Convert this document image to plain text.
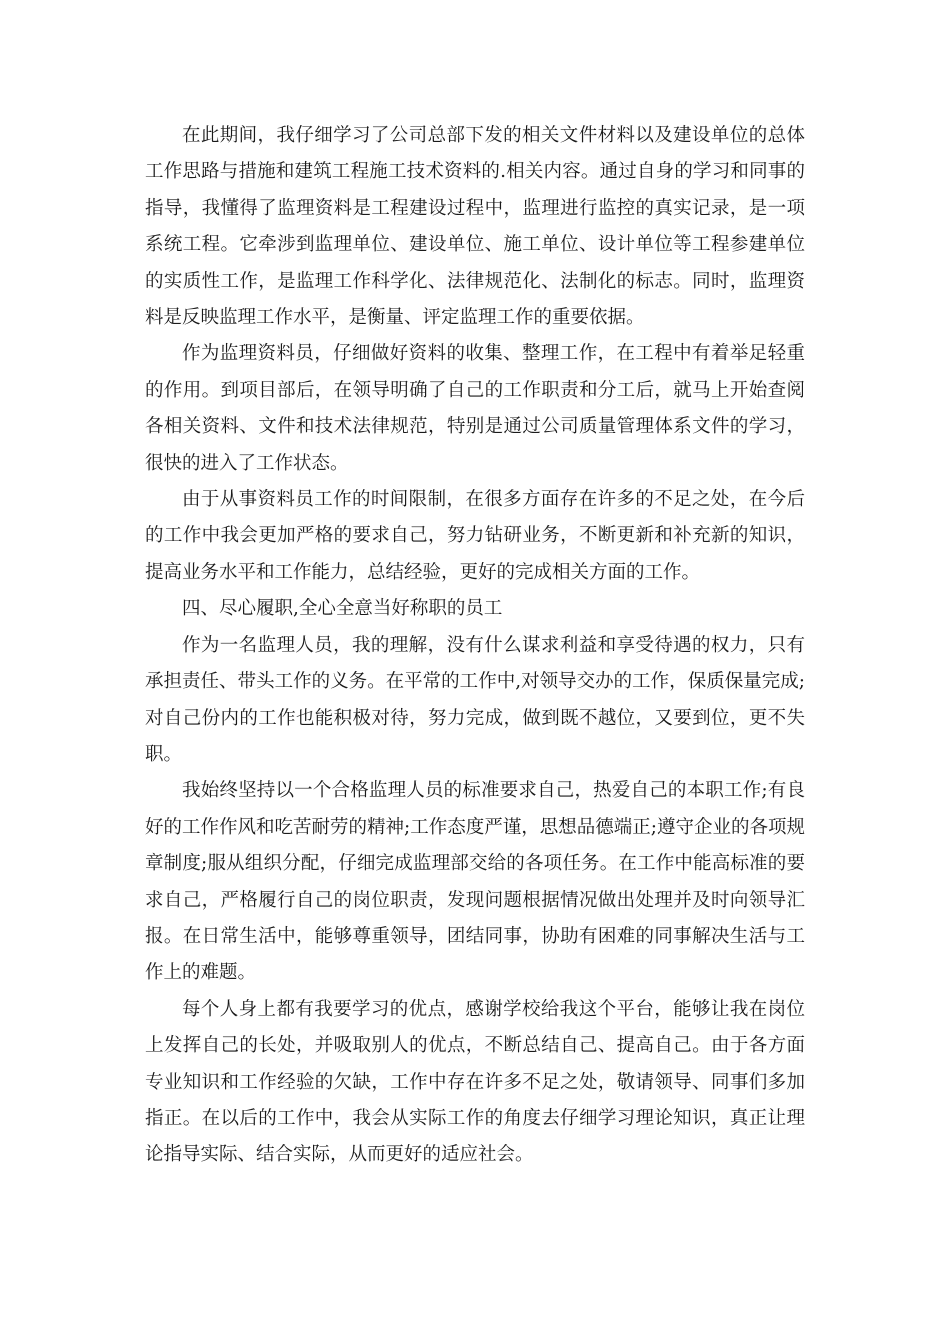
在此期间，我仔细学习了公司总部下发的相关文件材料以及建设单位的总体工作思路与措施和建筑工程施工技术资料的.相关内容。通过自身的学习和同事的指导，我懂得了监理资料是工程建设过程中，监理进行监控的真实记录，是一项系统工程。它牵涉到监理单位、建设单位、施工单位、设计单位等工程参建单位的实质性工作，是监理工作科学化、法律规范化、法制化的标志。同时，监理资料是反映监理工作水平，是衡量、评定监理工作的重要依据。

作为监理资料员，仔细做好资料的收集、整理工作，在工程中有着举足轻重的作用。到项目部后，在领导明确了自己的工作职责和分工后，就马上开始查阅各相关资料、文件和技术法律规范，特别是通过公司质量管理体系文件的学习，很快的进入了工作状态。

由于从事资料员工作的时间限制，在很多方面存在许多的不足之处，在今后的工作中我会更加严格的要求自己，努力钻研业务，不断更新和补充新的知识，提高业务水平和工作能力，总结经验，更好的完成相关方面的工作。

四、尽心履职,全心全意当好称职的员工

作为一名监理人员，我的理解，没有什么谋求利益和享受待遇的权力，只有承担责任、带头工作的义务。在平常的工作中,对领导交办的工作，保质保量完成;对自己份内的工作也能积极对待，努力完成，做到既不越位，又要到位，更不失职。

我始终坚持以一个合格监理人员的标准要求自己，热爱自己的本职工作;有良好的工作作风和吃苦耐劳的精神;工作态度严谨，思想品德端正;遵守企业的各项规章制度;服从组织分配，仔细完成监理部交给的各项任务。在工作中能高标准的要求自己，严格履行自己的岗位职责，发现问题根据情况做出处理并及时向领导汇报。在日常生活中，能够尊重领导，团结同事，协助有困难的同事解决生活与工作上的难题。

每个人身上都有我要学习的优点，感谢学校给我这个平台，能够让我在岗位上发挥自己的长处，并吸取别人的优点，不断总结自己、提高自己。由于各方面专业知识和工作经验的欠缺，工作中存在许多不足之处，敬请领导、同事们多加指正。在以后的工作中，我会从实际工作的角度去仔细学习理论知识，真正让理论指导实际、结合实际，从而更好的适应社会。
